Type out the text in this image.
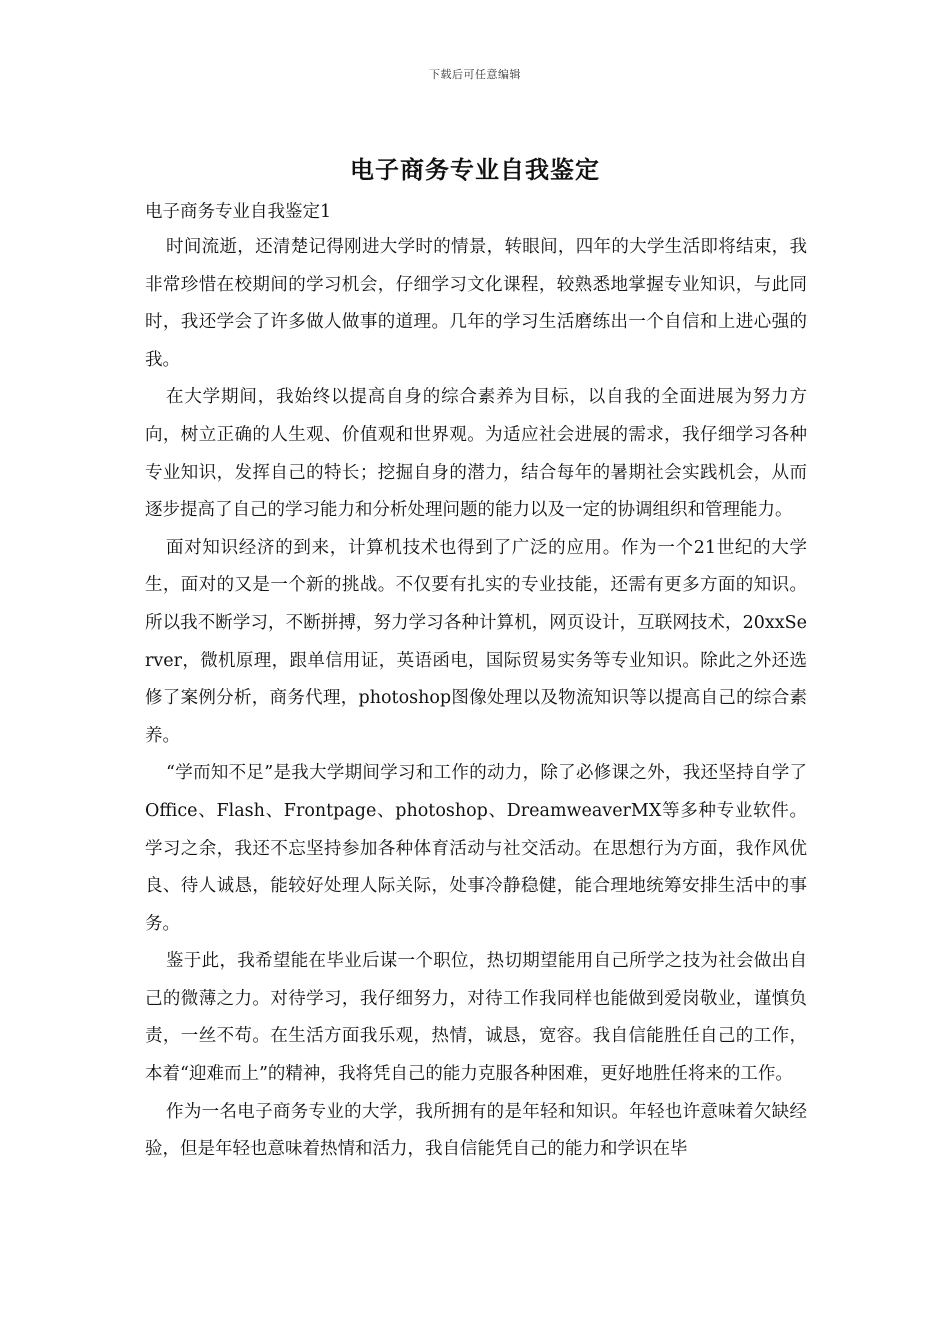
下载后可任意编辑
电子商务专业自我鉴定

电子商务专业自我鉴定1

时间流逝，还清楚记得刚进大学时的情景，转眼间，四年的大学生活即将结束，我非常珍惜在校期间的学习机会，仔细学习文化课程，较熟悉地掌握专业知识，与此同时，我还学会了许多做人做事的道理。几年的学习生活磨练出一个自信和上进心强的我。

在大学期间，我始终以提高自身的综合素养为目标，以自我的全面进展为努力方向，树立正确的人生观、价值观和世界观。为适应社会进展的需求，我仔细学习各种专业知识，发挥自己的特长；挖掘自身的潜力，结合每年的暑期社会实践机会，从而逐步提高了自己的学习能力和分析处理问题的能力以及一定的协调组织和管理能力。

面对知识经济的到来，计算机技术也得到了广泛的应用。作为一个21世纪的大学生，面对的又是一个新的挑战。不仅要有扎实的专业技能，还需有更多方面的知识。所以我不断学习，不断拼搏，努力学习各种计算机，网页设计，互联网技术，20xxServer，微机原理，跟单信用证，英语函电，国际贸易实务等专业知识。除此之外还选修了案例分析，商务代理，photoshop图像处理以及物流知识等以提高自己的综合素养。

“学而知不足”是我大学期间学习和工作的动力，除了必修课之外，我还坚持自学了Office、Flash、Frontpage、photoshop、DreamweaverMX等多种专业软件。学习之余，我还不忘坚持参加各种体育活动与社交活动。在思想行为方面，我作风优良、待人诚恳，能较好处理人际关际，处事冷静稳健，能合理地统筹安排生活中的事务。

鉴于此，我希望能在毕业后谋一个职位，热切期望能用自己所学之技为社会做出自己的微薄之力。对待学习，我仔细努力，对待工作我同样也能做到爱岗敬业，谨慎负责，一丝不苟。在生活方面我乐观，热情，诚恳，宽容。我自信能胜任自己的工作，本着“迎难而上”的精神，我将凭自己的能力克服各种困难，更好地胜任将来的工作。

作为一名电子商务专业的大学，我所拥有的是年轻和知识。年轻也许意味着欠缺经验，但是年轻也意味着热情和活力，我自信能凭自己的能力和学识在毕
